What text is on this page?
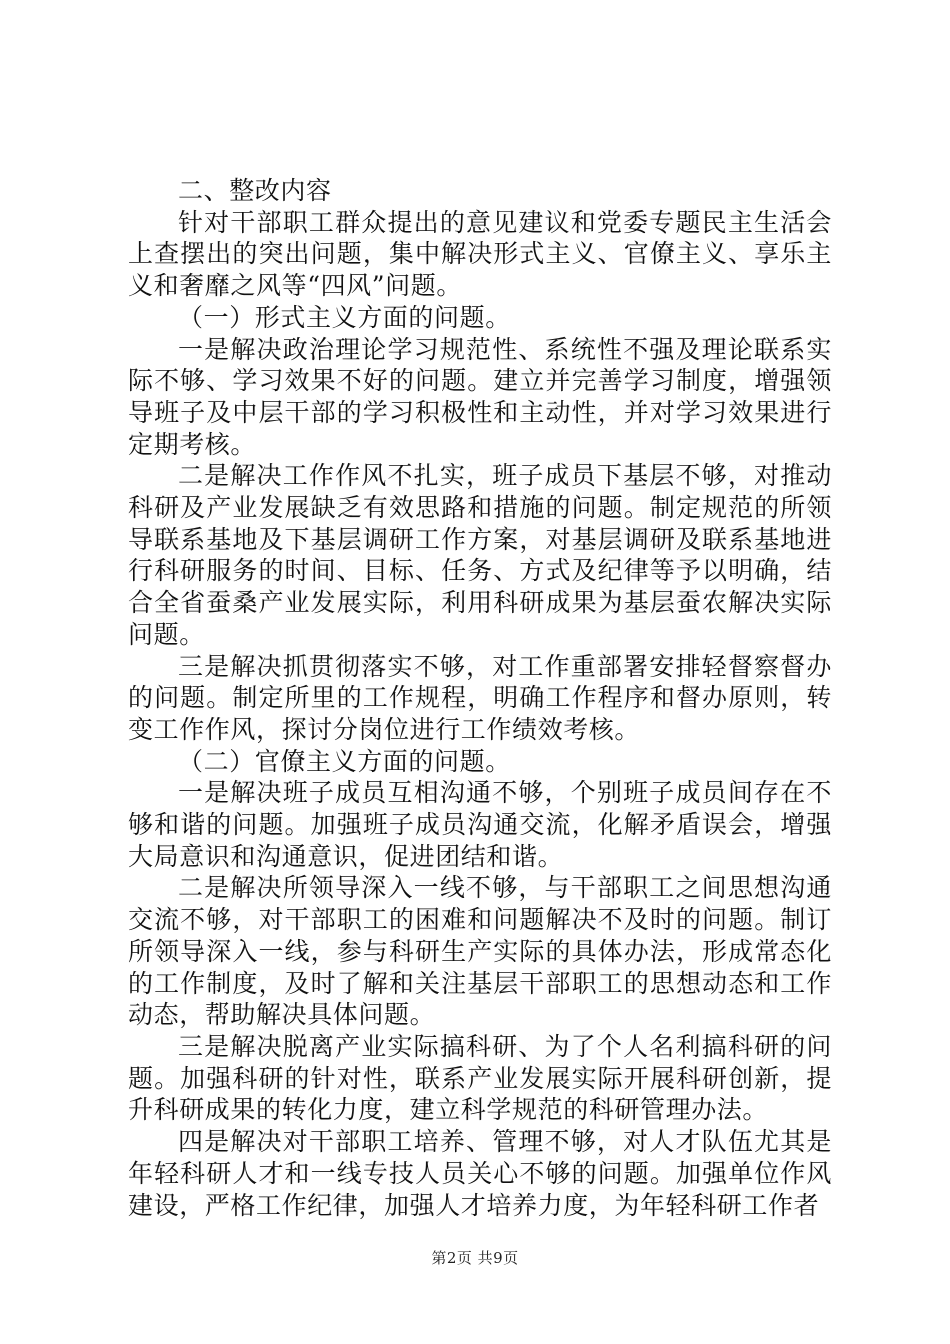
二、整改内容

针对干部职工群众提出的意见建议和党委专题民主生活会上查摆出的突出问题，集中解决形式主义、官僚主义、享乐主义和奢靡之风等“四风”问题。

（一）形式主义方面的问题。

一是解决政治理论学习规范性、系统性不强及理论联系实际不够、学习效果不好的问题。建立并完善学习制度，增强领导班子及中层干部的学习积极性和主动性，并对学习效果进行定期考核。

二是解决工作作风不扎实，班子成员下基层不够，对推动科研及产业发展缺乏有效思路和措施的问题。制定规范的所领导联系基地及下基层调研工作方案，对基层调研及联系基地进行科研服务的时间、目标、任务、方式及纪律等予以明确，结合全省蚕桑产业发展实际，利用科研成果为基层蚕农解决实际问题。

三是解决抓贯彻落实不够，对工作重部署安排轻督察督办的问题。制定所里的工作规程，明确工作程序和督办原则，转变工作作风，探讨分岗位进行工作绩效考核。

（二）官僚主义方面的问题。

一是解决班子成员互相沟通不够，个别班子成员间存在不够和谐的问题。加强班子成员沟通交流，化解矛盾误会，增强大局意识和沟通意识，促进团结和谐。

二是解决所领导深入一线不够，与干部职工之间思想沟通交流不够，对干部职工的困难和问题解决不及时的问题。制订所领导深入一线，参与科研生产实际的具体办法，形成常态化的工作制度，及时了解和关注基层干部职工的思想动态和工作动态，帮助解决具体问题。

三是解决脱离产业实际搞科研、为了个人名利搞科研的问题。加强科研的针对性，联系产业发展实际开展科研创新，提升科研成果的转化力度，建立科学规范的科研管理办法。

四是解决对干部职工培养、管理不够，对人才队伍尤其是年轻科研人才和一线专技人员关心不够的问题。加强单位作风建设，严格工作纪律，加强人才培养力度，为年轻科研工作者

第2页 共9页
